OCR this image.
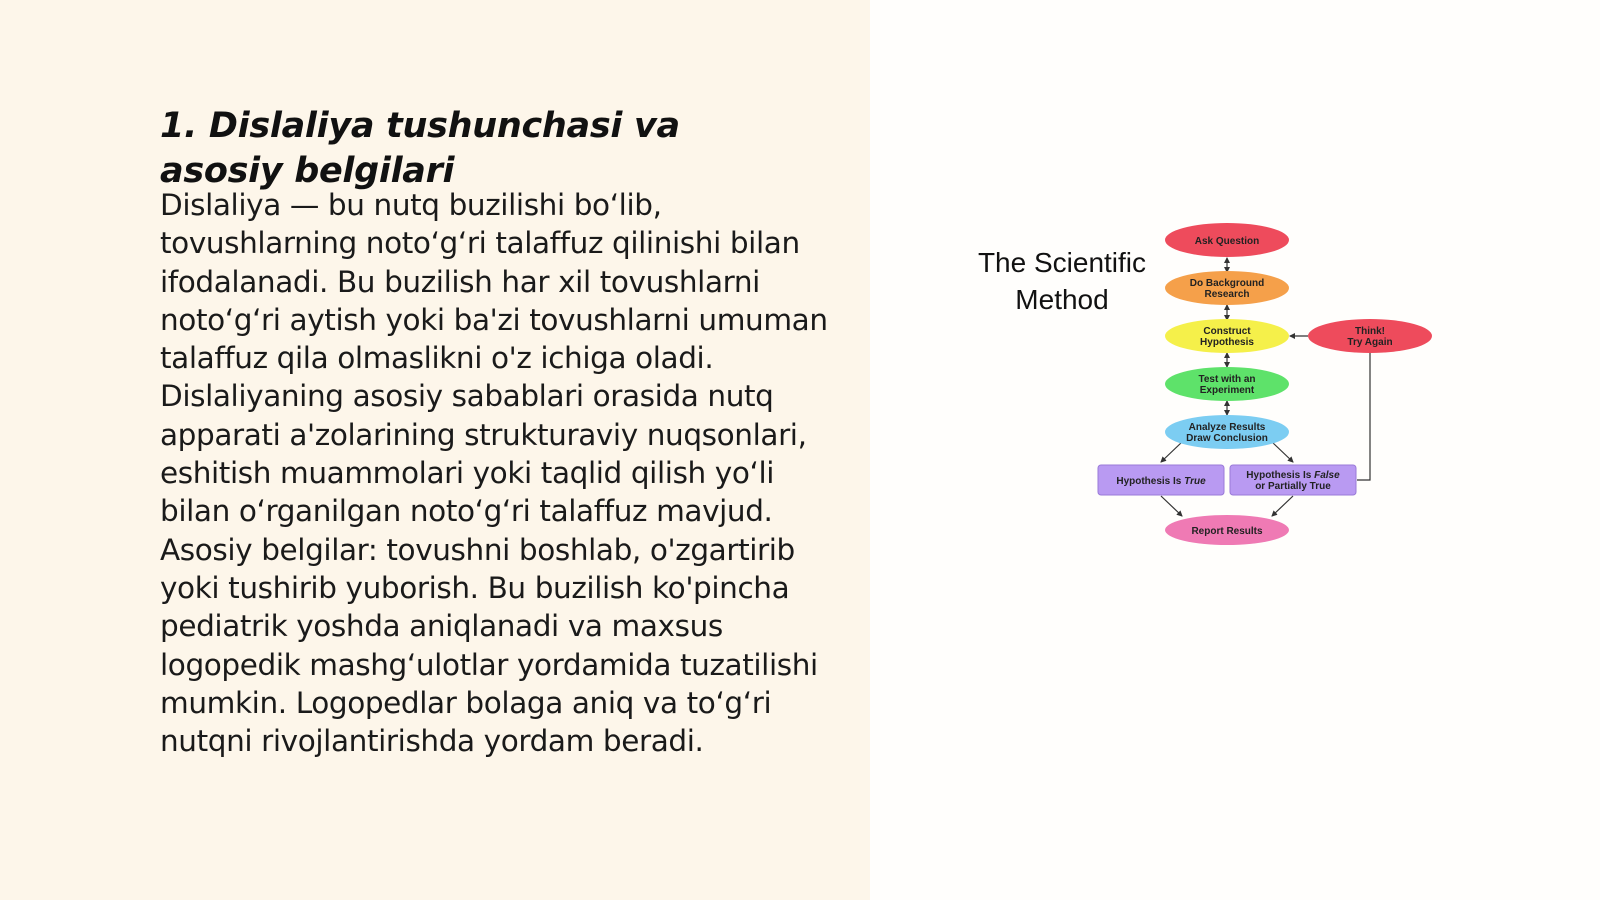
1. Dislaliya tushunchasi va asosiy belgilari

Dislaliya — bu nutq buzilishi bo‘lib, tovushlarning noto‘g‘ri talaffuz qilinishi bilan ifodalanadi. Bu buzilish har xil tovushlarni noto‘g‘ri aytish yoki ba'zi tovushlarni umuman talaffuz qila olmaslikni o'z ichiga oladi. Dislaliyaning asosiy sabablari orasida nutq apparati a'zolarining strukturaviy nuqsonlari, eshitish muammolari yoki taqlid qilish yo‘li bilan o‘rganilgan noto‘g‘ri talaffuz mavjud. Asosiy belgilar: tovushni boshlab, o'zgartirib yoki tushirib yuborish. Bu buzilish ko'pincha pediatrik yoshda aniqlanadi va maxsus logopedik mashg‘ulotlar yordamida tuzatilishi mumkin. Logopedlar bolaga aniq va to‘g‘ri nutqni rivojlantirishda yordam beradi.

The Scientific
Method
Ask Question
Do Background
Research
Construct
Hypothesis
Think!
Try Again
Test with an
Experiment
Analyze Results
Draw Conclusion
Hypothesis Is True
Hypothesis Is False
or Partially True
Report Results
